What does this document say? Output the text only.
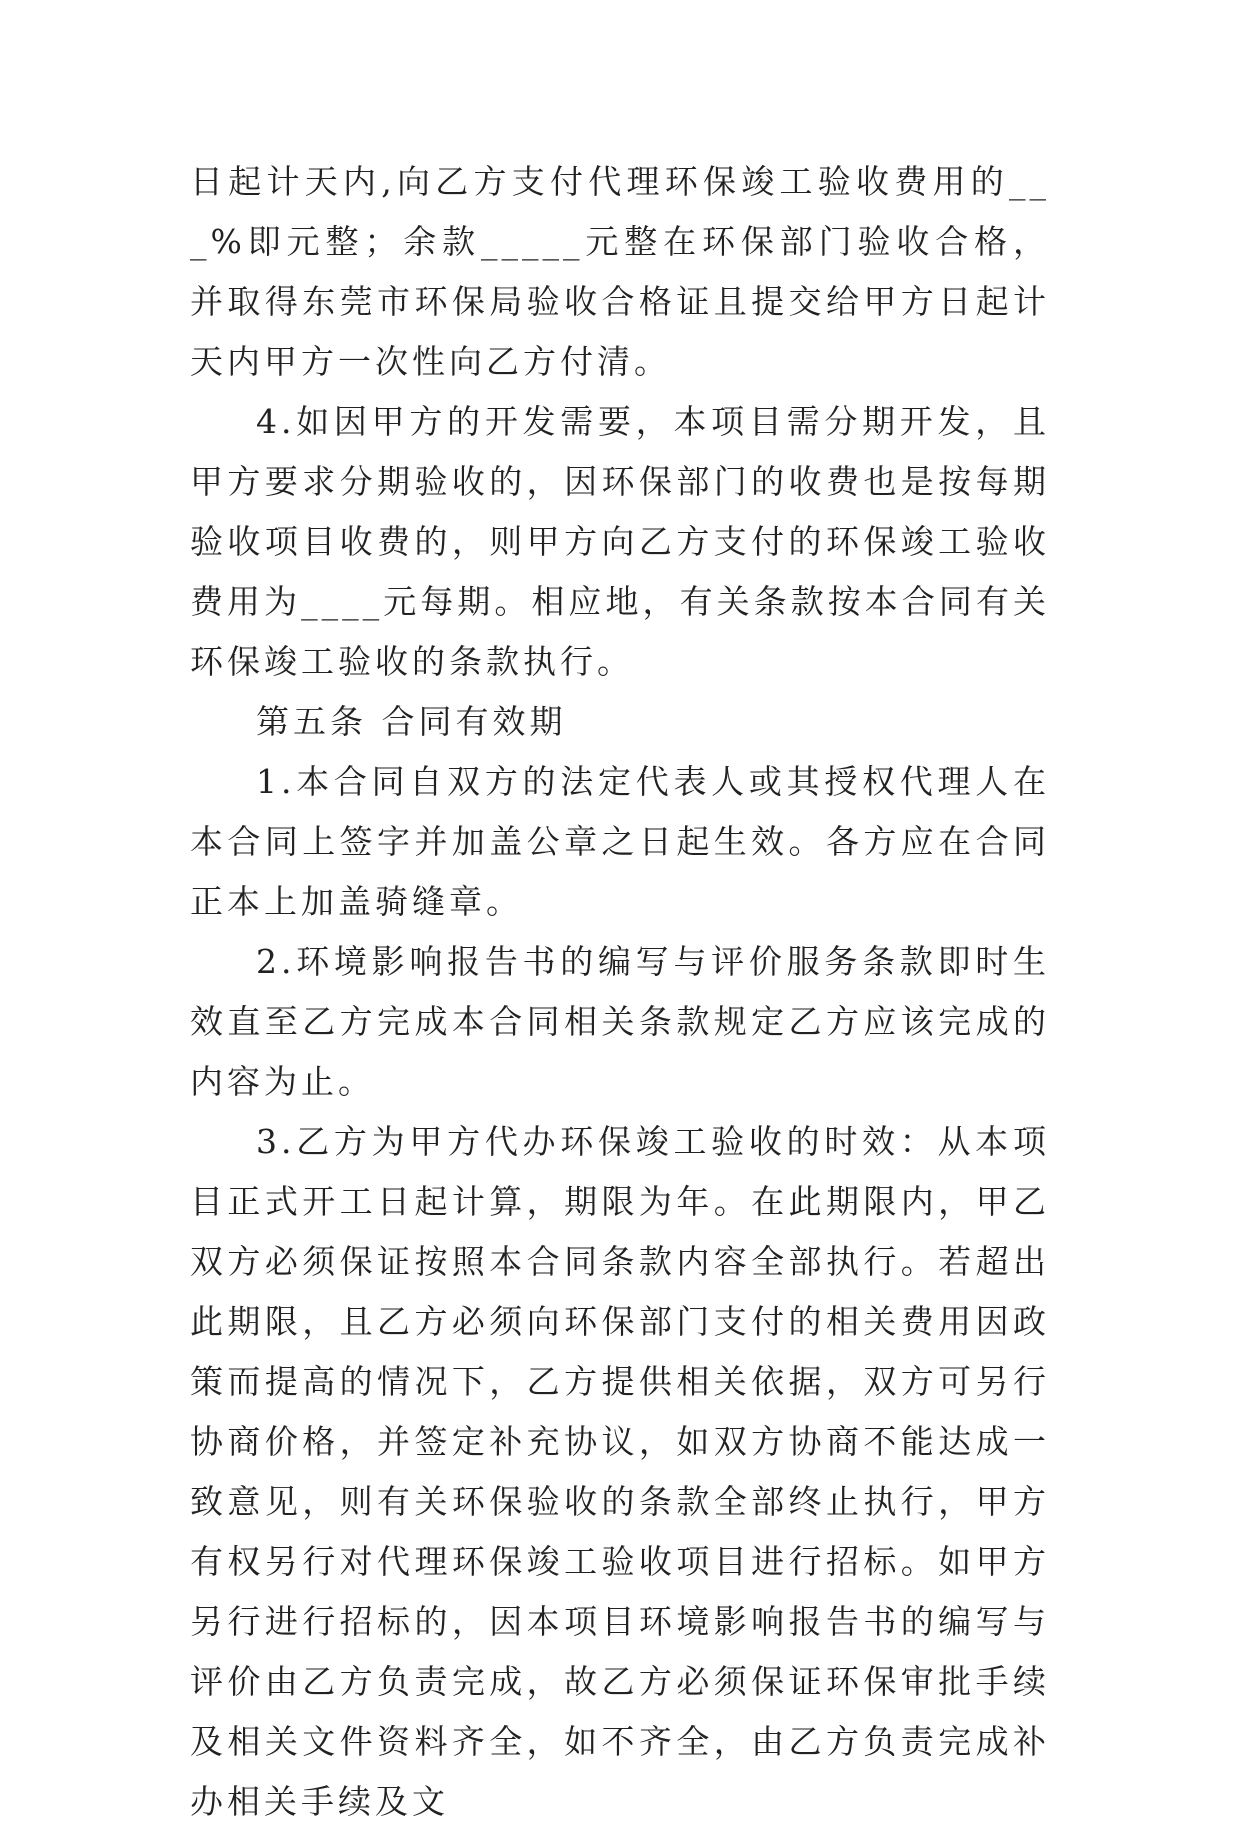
日起计天内,向乙方支付代理环保竣工验收费用的___%即元整；余款_____元整在环保部门验收合格，并取得东莞市环保局验收合格证且提交给甲方日起计天内甲方一次性向乙方付清。

4.如因甲方的开发需要，本项目需分期开发，且甲方要求分期验收的，因环保部门的收费也是按每期验收项目收费的，则甲方向乙方支付的环保竣工验收费用为____元每期。相应地，有关条款按本合同有关环保竣工验收的条款执行。

第五条 合同有效期

1.本合同自双方的法定代表人或其授权代理人在本合同上签字并加盖公章之日起生效。各方应在合同正本上加盖骑缝章。

2.环境影响报告书的编写与评价服务条款即时生效直至乙方完成本合同相关条款规定乙方应该完成的内容为止。

3.乙方为甲方代办环保竣工验收的时效：从本项目正式开工日起计算，期限为年。在此期限内，甲乙双方必须保证按照本合同条款内容全部执行。若超出此期限，且乙方必须向环保部门支付的相关费用因政策而提高的情况下，乙方提供相关依据，双方可另行协商价格，并签定补充协议，如双方协商不能达成一致意见，则有关环保验收的条款全部终止执行，甲方有权另行对代理环保竣工验收项目进行招标。如甲方另行进行招标的，因本项目环境影响报告书的编写与评价由乙方负责完成，故乙方必须保证环保审批手续及相关文件资料齐全，如不齐全，由乙方负责完成补办相关手续及文
